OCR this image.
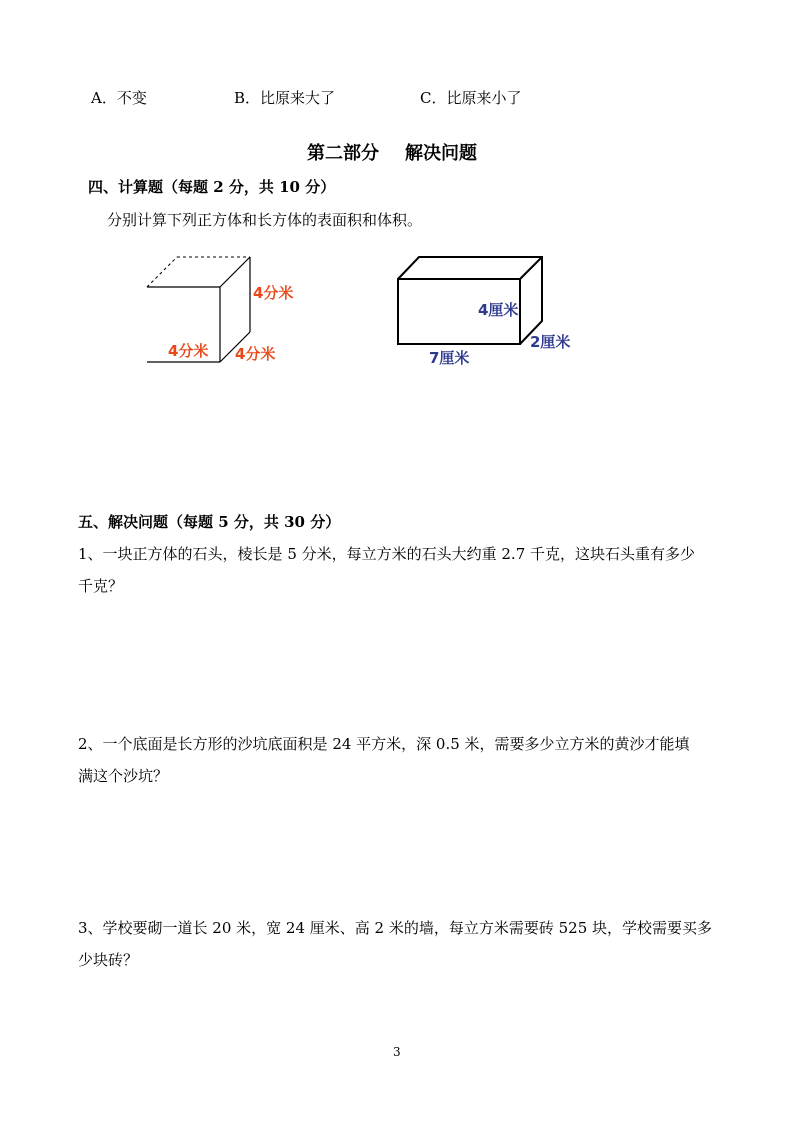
A．不变	B．比原来大了	C．比原来小了
第二部分 解决问题
四、计算题（每题 2 分，共 10 分）
分别计算下列正方体和长方体的表面积和体积。
4分米
4分米 4分米
4厘米
7厘米
2厘米
五、解决问题（每题 5 分，共 30 分）
1、一块正方体的石头，棱长是 5 分米，每立方米的石头大约重 2.7 千克，这块石头重有多少
千克？
2、一个底面是长方形的沙坑底面积是 24 平方米，深 0.5 米，需要多少立方米的黄沙才能填
满这个沙坑？
3、学校要砌一道长 20 米，宽 24 厘米、高 2 米的墙，每立方米需要砖 525 块，学校需要买多
少块砖？
3
